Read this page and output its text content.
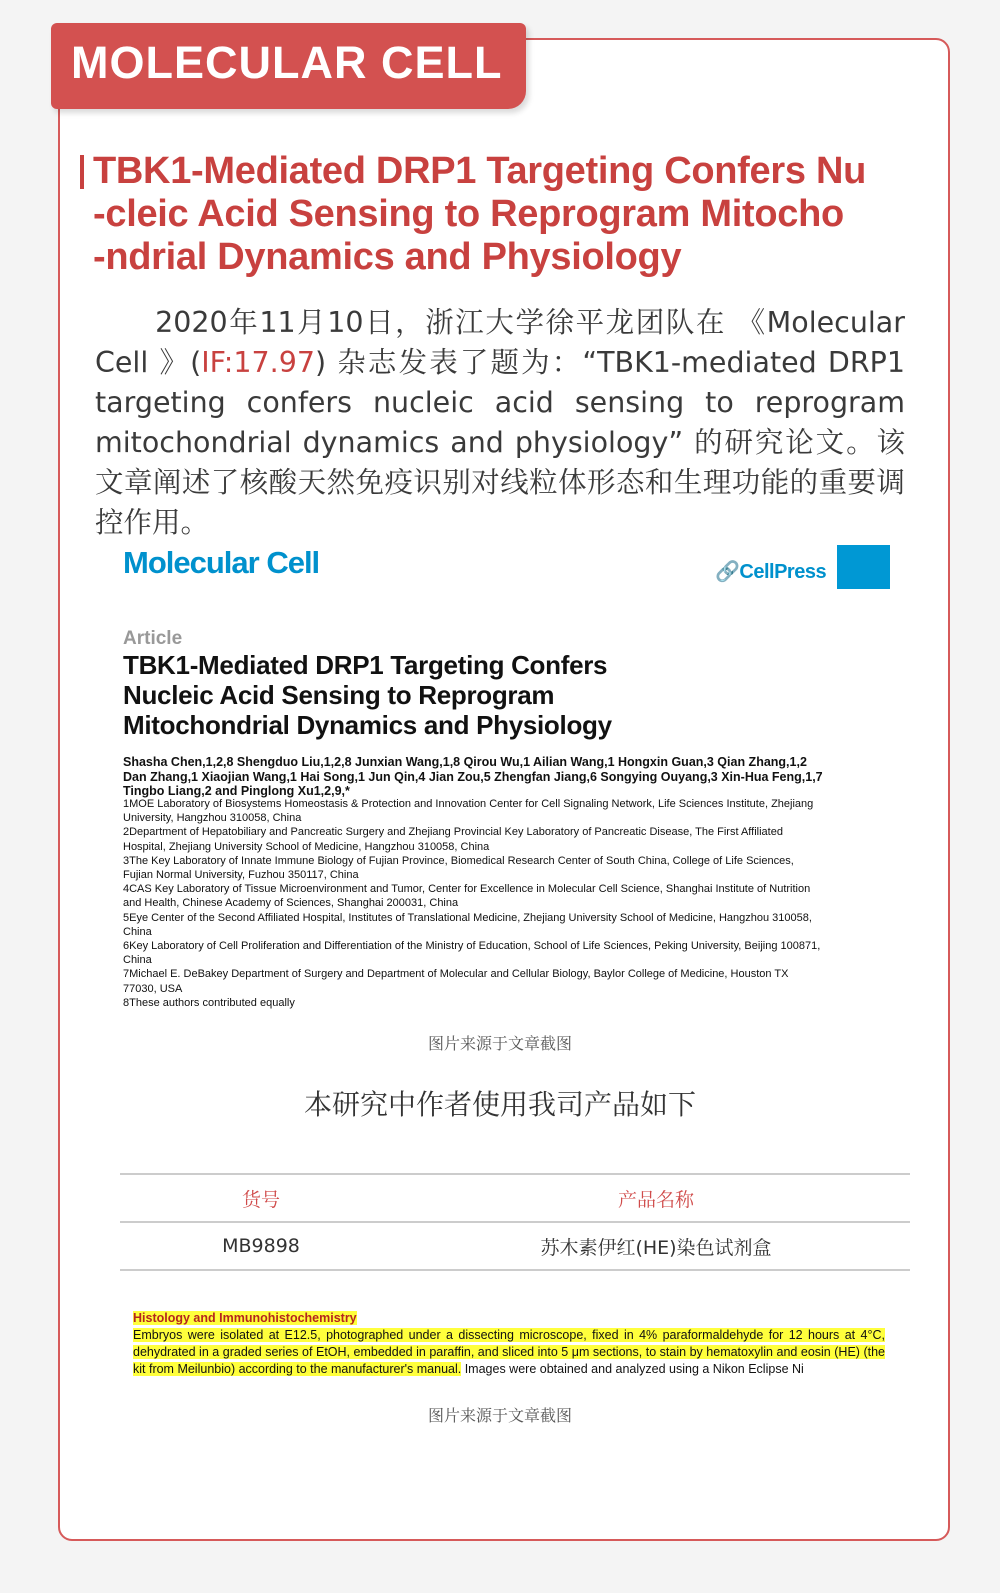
MOLECULAR CELL
TBK1-Mediated DRP1 Targeting Confers Nu
-cleic Acid Sensing to Reprogram Mitocho
-ndrial Dynamics and Physiology

　　2020年11月10日，浙江大学徐平龙团队在 《Molecular Cell 》(IF:17.97) 杂志发表了题为：“TBK1-mediated DRP1 targeting confers nucleic acid sensing to reprogram mitochondrial dynamics and physiology” 的研究论文。该文章阐述了核酸天然免疫识别对线粒体形态和生理功能的重要调控作用。

Molecular Cell	🔗CellPress
Article
TBK1-Mediated DRP1 Targeting Confers
Nucleic Acid Sensing to Reprogram
Mitochondrial Dynamics and Physiology
Shasha Chen,1,2,8 Shengduo Liu,1,2,8 Junxian Wang,1,8 Qirou Wu,1 Ailian Wang,1 Hongxin Guan,3 Qian Zhang,1,2 Dan Zhang,1 Xiaojian Wang,1 Hai Song,1 Jun Qin,4 Jian Zou,5 Zhengfan Jiang,6 Songying Ouyang,3 Xin-Hua Feng,1,7 Tingbo Liang,2 and Pinglong Xu1,2,9,*
1MOE Laboratory of Biosystems Homeostasis & Protection and Innovation Center for Cell Signaling Network, Life Sciences Institute, Zhejiang University, Hangzhou 310058, China
2Department of Hepatobiliary and Pancreatic Surgery and Zhejiang Provincial Key Laboratory of Pancreatic Disease, The First Affiliated Hospital, Zhejiang University School of Medicine, Hangzhou 310058, China
3The Key Laboratory of Innate Immune Biology of Fujian Province, Biomedical Research Center of South China, College of Life Sciences, Fujian Normal University, Fuzhou 350117, China
4CAS Key Laboratory of Tissue Microenvironment and Tumor, Center for Excellence in Molecular Cell Science, Shanghai Institute of Nutrition and Health, Chinese Academy of Sciences, Shanghai 200031, China
5Eye Center of the Second Affiliated Hospital, Institutes of Translational Medicine, Zhejiang University School of Medicine, Hangzhou 310058, China
6Key Laboratory of Cell Proliferation and Differentiation of the Ministry of Education, School of Life Sciences, Peking University, Beijing 100871, China
7Michael E. DeBakey Department of Surgery and Department of Molecular and Cellular Biology, Baylor College of Medicine, Houston TX 77030, USA
8These authors contributed equally
图片来源于文章截图
本研究中作者使用我司产品如下
货号	产品名称
MB9898	苏木素伊红(HE)染色试剂盒
Histology and Immunohistochemistry
Embryos were isolated at E12.5, photographed under a dissecting microscope, fixed in 4% paraformaldehyde for 12 hours at 4°C, dehydrated in a graded series of EtOH, embedded in paraffin, and sliced into 5 μm sections, to stain by hematoxylin and eosin (HE) (the kit from Meilunbio) according to the manufacturer's manual. Images were obtained and analyzed using a Nikon Eclipse Ni
图片来源于文章截图
